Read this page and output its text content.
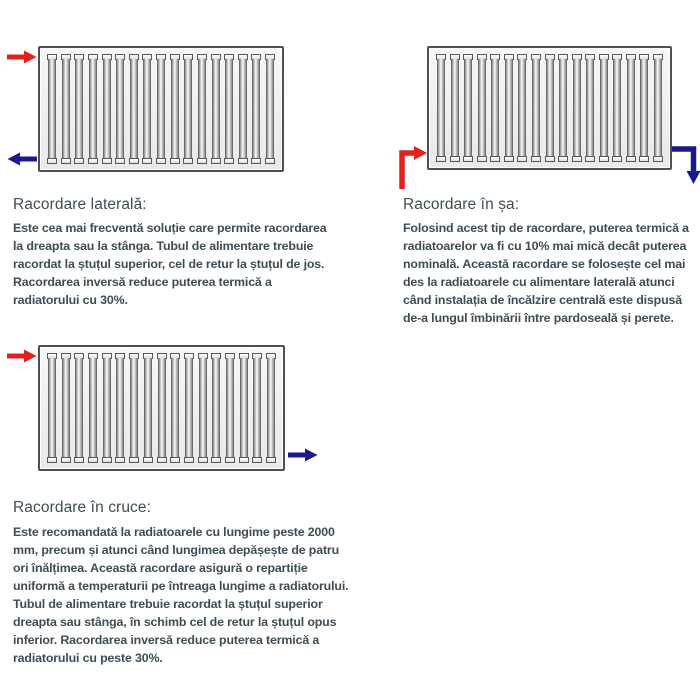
Racordare laterală:
Este cea mai frecventă soluție care permite racordarea la dreapta sau la stânga. Tubul de alimentare trebuie racordat la ștuțul superior, cel de retur la ștuțul de jos. Racordarea inversă reduce puterea termică a radiatorului cu 30%.
Racordare în șa:
Folosind acest tip de racordare, puterea termică a radiatoarelor va fi cu 10% mai mică decât puterea nominală. Această racordare se folosește cel mai des la radiatoarele cu alimentare laterală atunci când instalația de încălzire centrală este dispusă de-a lungul îmbinării între pardoseală și perete.
Racordare în cruce:
Este recomandată la radiatoarele cu lungime peste 2000 mm, precum și atunci când lungimea depășește de patru ori înălțimea. Această racordare asigură o repartiție uniformă a temperaturii pe întreaga lungime a radiatorului. Tubul de alimentare trebuie racordat la ștuțul superior dreapta sau stânga, în schimb cel de retur la ștuțul opus inferior. Racordarea inversă reduce puterea termică a radiatorului cu peste 30%.
